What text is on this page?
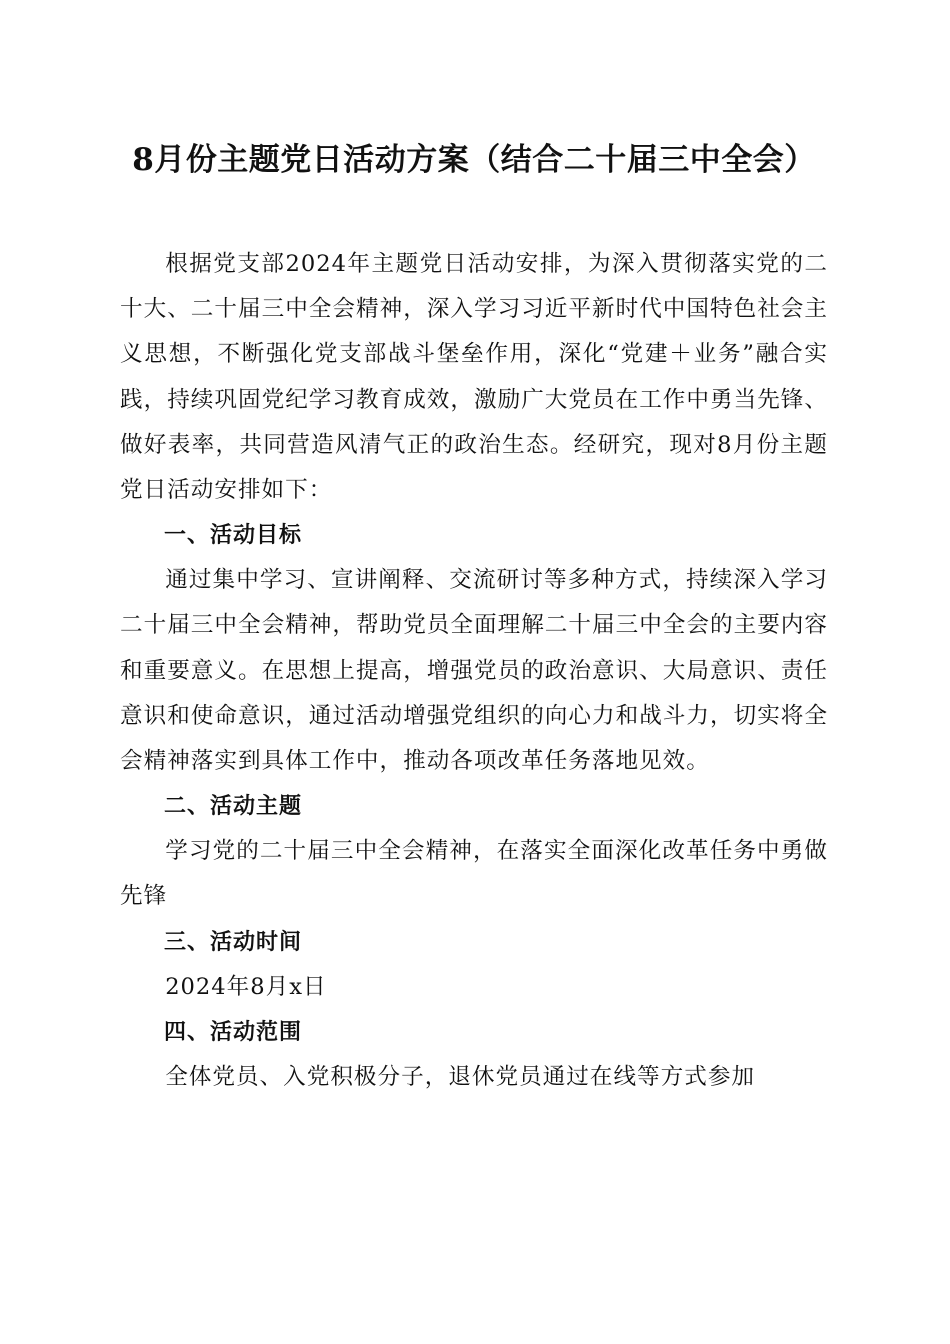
8月份主题党日活动方案（结合二十届三中全会）

根据党支部2024年主题党日活动安排，为深入贯彻落实党的二十大、二十届三中全会精神，深入学习习近平新时代中国特色社会主义思想，不断强化党支部战斗堡垒作用，深化“党建＋业务”融合实践，持续巩固党纪学习教育成效，激励广大党员在工作中勇当先锋、做好表率，共同营造风清气正的政治生态。经研究，现对8月份主题党日活动安排如下：

一、活动目标

通过集中学习、宣讲阐释、交流研讨等多种方式，持续深入学习二十届三中全会精神，帮助党员全面理解二十届三中全会的主要内容和重要意义。在思想上提高，增强党员的政治意识、大局意识、责任意识和使命意识，通过活动增强党组织的向心力和战斗力，切实将全会精神落实到具体工作中，推动各项改革任务落地见效。

二、活动主题

学习党的二十届三中全会精神，在落实全面深化改革任务中勇做先锋

三、活动时间

2024年8月x日

四、活动范围

全体党员、入党积极分子，退休党员通过在线等方式参加
